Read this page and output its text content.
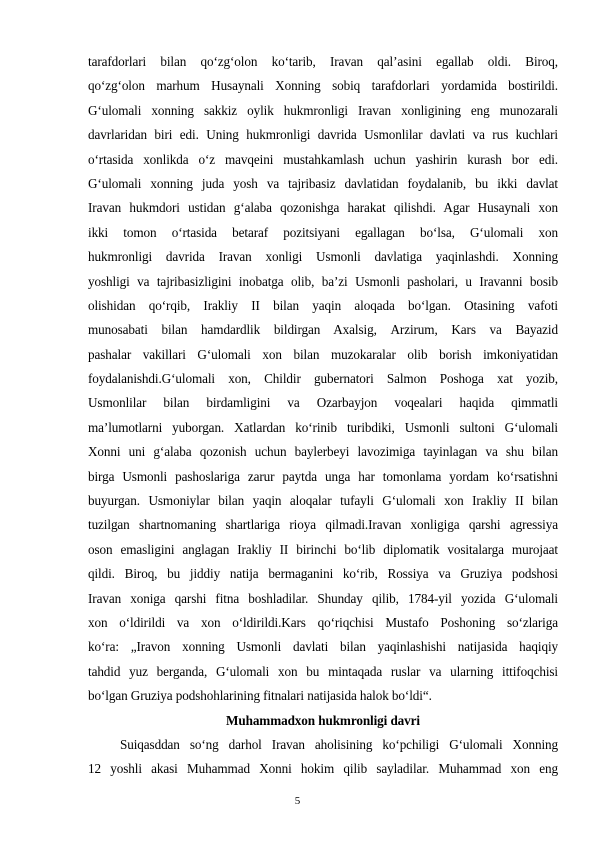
tarafdorlari bilan qoʻzgʻolon koʻtarib, Iravan qalʼasini egallab oldi. Biroq,
qoʻzgʻolon marhum Husaynali Xonning sobiq tarafdorlari yordamida bostirildi.
Gʻulomali xonning sakkiz oylik hukmronligi Iravan xonligining eng munozarali
davrlaridan biri edi. Uning hukmronligi davrida Usmonlilar davlati va rus kuchlari
oʻrtasida xonlikda oʻz mavqeini mustahkamlash uchun yashirin kurash bor edi.
Gʻulomali xonning juda yosh va tajribasiz davlatidan foydalanib, bu ikki davlat
Iravan hukmdori ustidan gʻalaba qozonishga harakat qilishdi. Agar Husaynali xon
ikki tomon oʻrtasida betaraf pozitsiyani egallagan boʻlsa, Gʻulomali xon
hukmronligi davrida Iravan xonligi Usmonli davlatiga yaqinlashdi. Xonning
yoshligi va tajribasizligini inobatga olib, baʼzi Usmonli pasholari, u Iravanni bosib
olishidan qoʻrqib, Irakliy II bilan yaqin aloqada boʻlgan. Otasining vafoti
munosabati bilan hamdardlik bildirgan Axalsig, Arzirum, Kars va Bayazid
pashalar vakillari Gʻulomali xon bilan muzokaralar olib borish imkoniyatidan
foydalanishdi.Gʻulomali xon, Childir gubernatori Salmon Poshoga xat yozib,
Usmonlilar bilan birdamligini va Ozarbayjon voqealari haqida qimmatli
maʼlumotlarni yuborgan. Xatlardan koʻrinib turibdiki, Usmonli sultoni Gʻulomali
Xonni uni gʻalaba qozonish uchun baylerbeyi lavozimiga tayinlagan va shu bilan
birga Usmonli pashoslariga zarur paytda unga har tomonlama yordam koʻrsatishni
buyurgan. Usmoniylar bilan yaqin aloqalar tufayli Gʻulomali xon Irakliy II bilan
tuzilgan shartnomaning shartlariga rioya qilmadi.Iravan xonligiga qarshi agressiya
oson emasligini anglagan Irakliy II birinchi boʻlib diplomatik vositalarga murojaat
qildi. Biroq, bu jiddiy natija bermaganini koʻrib, Rossiya va Gruziya podshosi
Iravan xoniga qarshi fitna boshladilar. Shunday qilib, 1784-yil yozida Gʻulomali
xon oʻldirildi va xon oʻldirildi.Kars qoʻriqchisi Mustafo Poshoning soʻzlariga
koʻra: „Iravon xonning Usmonli davlati bilan yaqinlashishi natijasida haqiqiy
tahdid yuz berganda, Gʻulomali xon bu mintaqada ruslar va ularning ittifoqchisi
boʻlgan Gruziya podshohlarining fitnalari natijasida halok boʻldi“.
Muhammadxon hukmronligi davri
Suiqasddan soʻng darhol Iravan aholisining koʻpchiligi Gʻulomali Xonning
12 yoshli akasi Muhammad Xonni hokim qilib sayladilar. Muhammad xon eng
5
